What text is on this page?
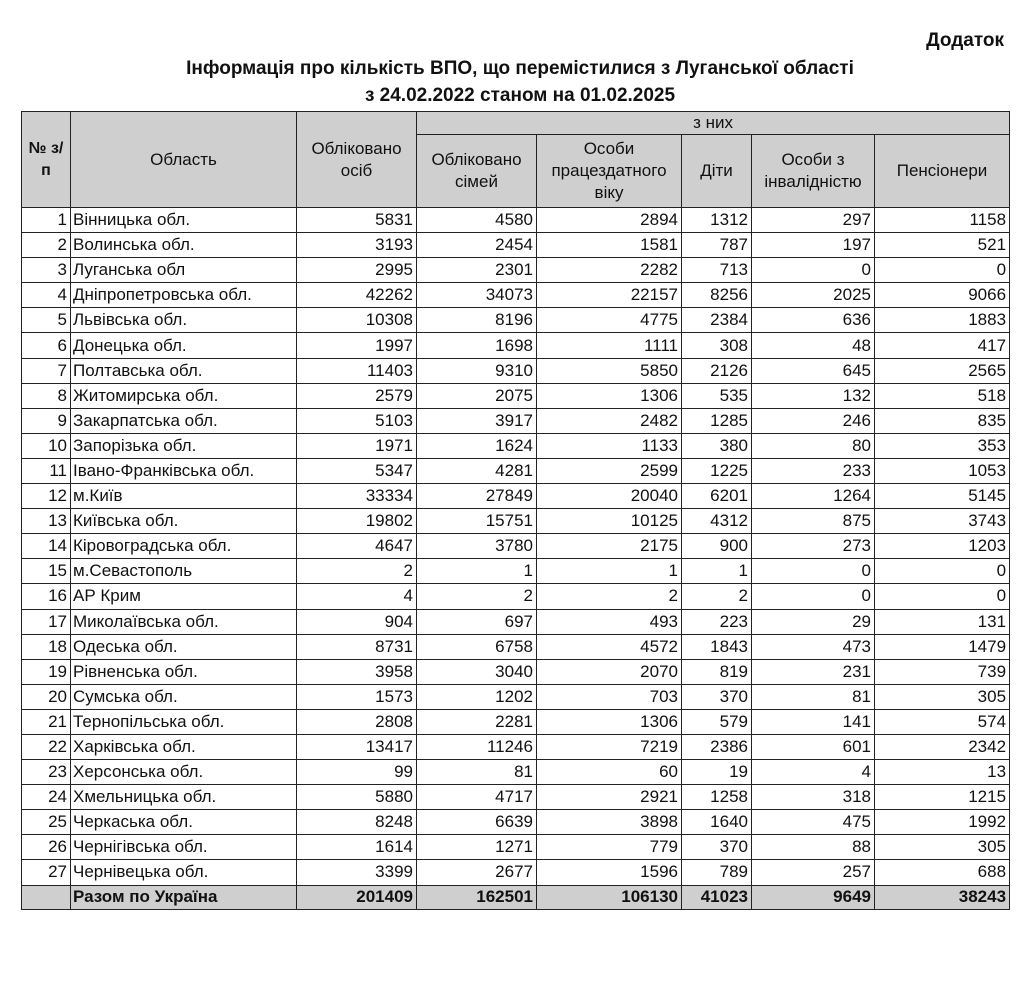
Додаток
Інформація про кількість ВПО, що перемістилися з Луганської області
з 24.02.2022 станом на 01.02.2025
№ з/п	Область	Обліковано осіб	з них				
			Обліковано сімей	Особи працездатного віку	Діти	Особи з інвалідністю	Пенсіонери
1	Вінницька обл.	5831	4580	2894	1312	297	1158
2	Волинська обл.	3193	2454	1581	787	197	521
3	Луганська обл	2995	2301	2282	713	0	0
4	Дніпропетровська обл.	42262	34073	22157	8256	2025	9066
5	Львівська обл.	10308	8196	4775	2384	636	1883
6	Донецька обл.	1997	1698	1111	308	48	417
7	Полтавська обл.	11403	9310	5850	2126	645	2565
8	Житомирська обл.	2579	2075	1306	535	132	518
9	Закарпатська обл.	5103	3917	2482	1285	246	835
10	Запорізька обл.	1971	1624	1133	380	80	353
11	Івано-Франківська обл.	5347	4281	2599	1225	233	1053
12	м.Київ	33334	27849	20040	6201	1264	5145
13	Київська обл.	19802	15751	10125	4312	875	3743
14	Кіровоградська обл.	4647	3780	2175	900	273	1203
15	м.Севастополь	2	1	1	1	0	0
16	АР Крим	4	2	2	2	0	0
17	Миколаївська обл.	904	697	493	223	29	131
18	Одеська обл.	8731	6758	4572	1843	473	1479
19	Рівненська обл.	3958	3040	2070	819	231	739
20	Сумська обл.	1573	1202	703	370	81	305
21	Тернопільська обл.	2808	2281	1306	579	141	574
22	Харківська обл.	13417	11246	7219	2386	601	2342
23	Херсонська обл.	99	81	60	19	4	13
24	Хмельницька обл.	5880	4717	2921	1258	318	1215
25	Черкаська обл.	8248	6639	3898	1640	475	1992
26	Чернігівська обл.	1614	1271	779	370	88	305
27	Чернівецька обл.	3399	2677	1596	789	257	688
	Разом по Україна	201409	162501	106130	41023	9649	38243
